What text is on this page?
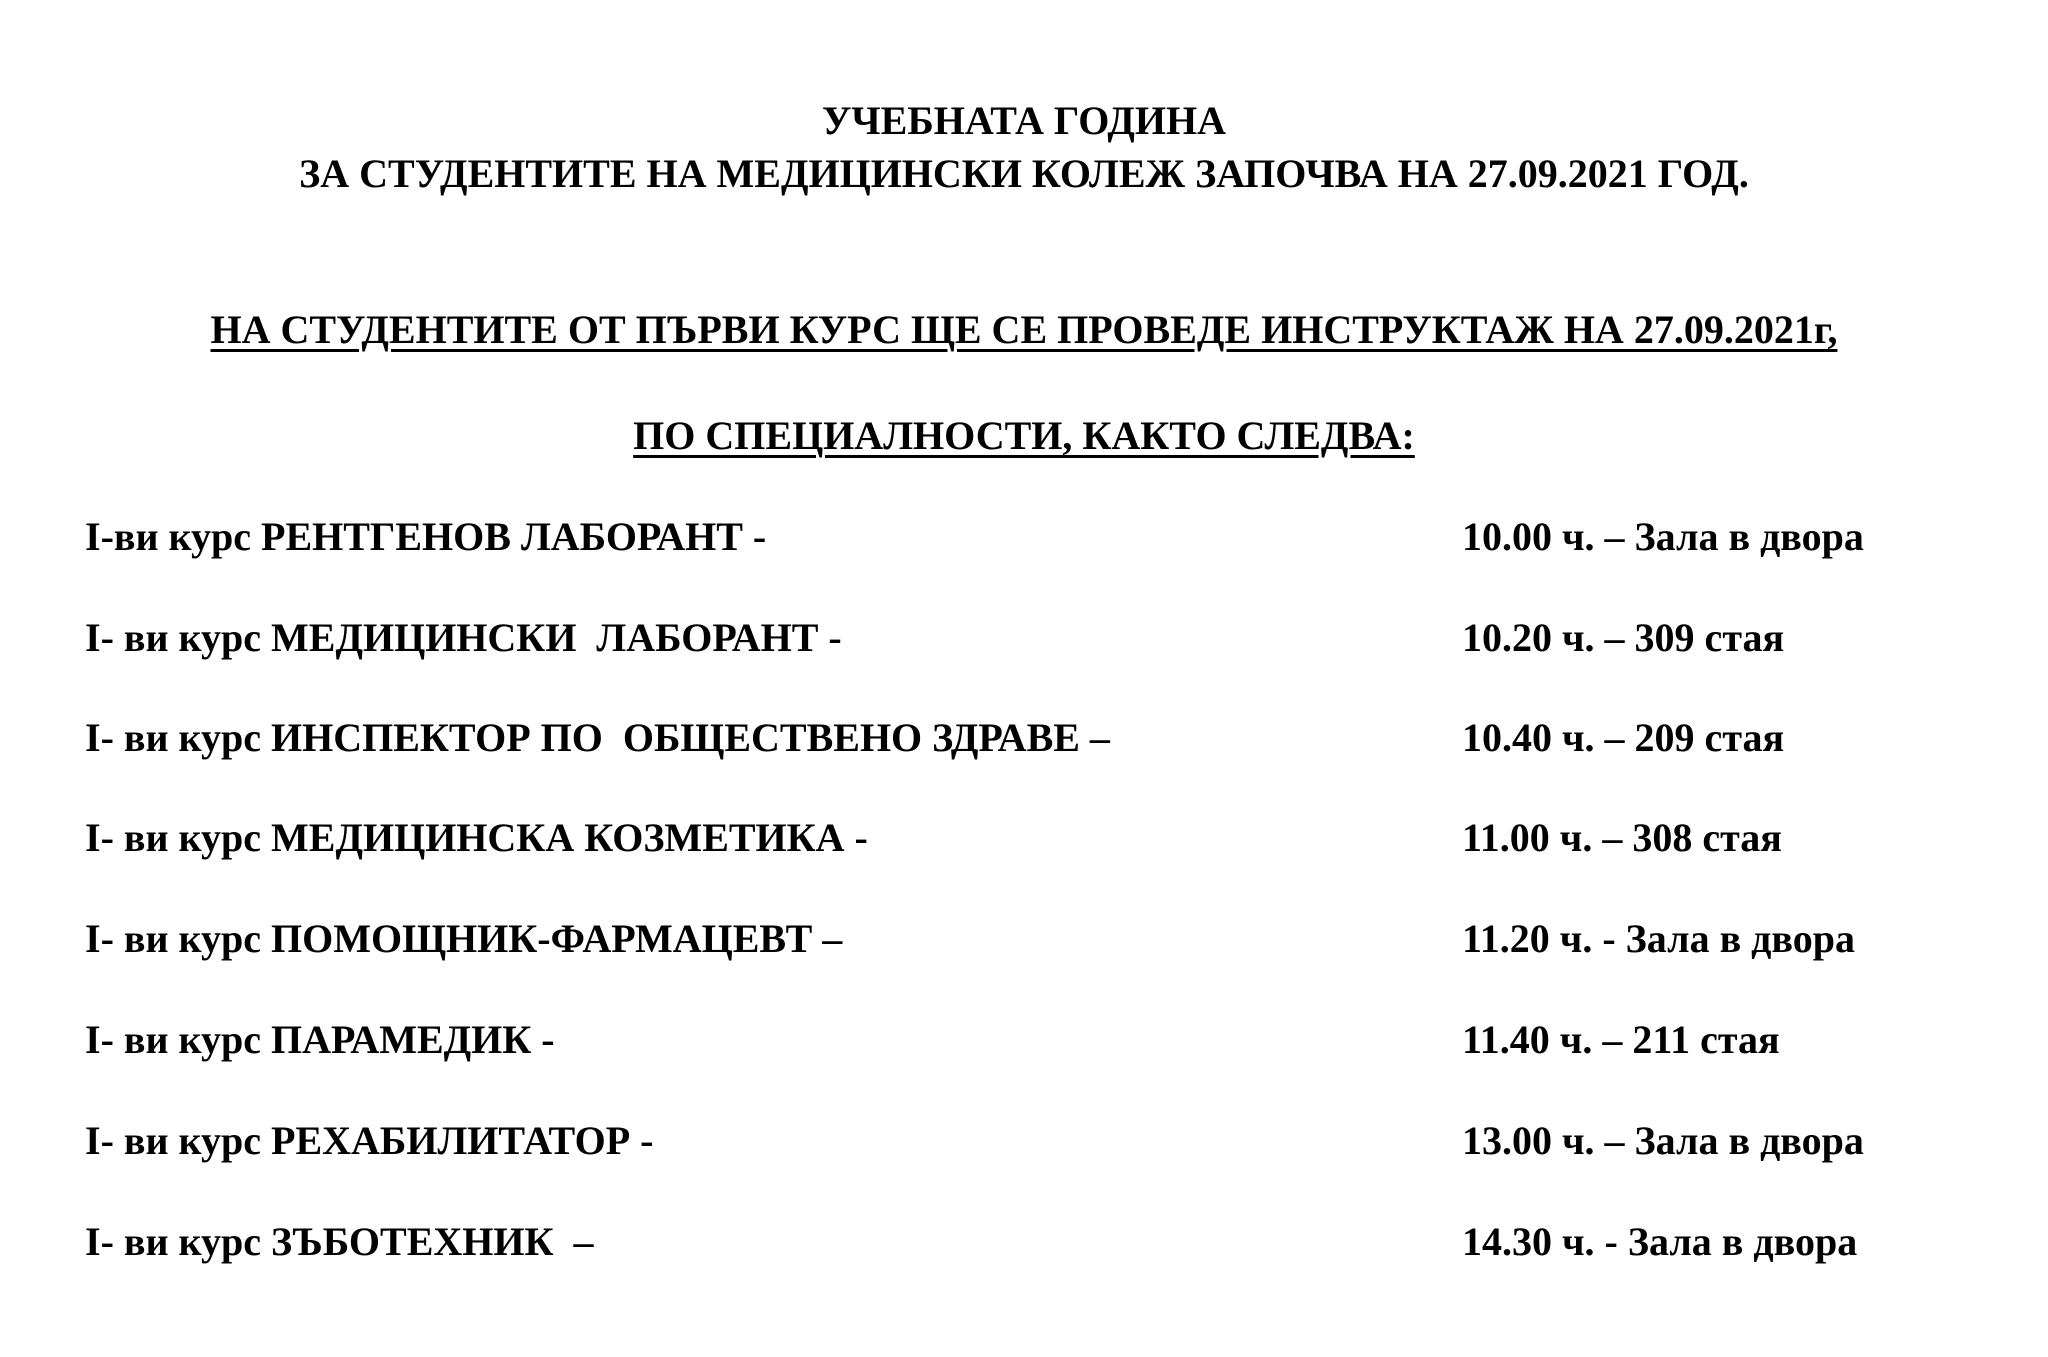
УЧЕБНАТА ГОДИНА
ЗА СТУДЕНТИТЕ НА МЕДИЦИНСКИ КОЛЕЖ ЗАПОЧВА НА 27.09.2021 ГОД.
НА СТУДЕНТИТЕ ОТ ПЪРВИ КУРС ЩЕ СЕ ПРОВЕДЕ ИНСТРУКТАЖ НА 27.09.2021г,
ПО СПЕЦИАЛНОСТИ, КАКТО СЛЕДВА:
I-ви курс РЕНТГЕНОВ ЛАБОРАНТ -	10.00 ч. – Зала в двора
I- ви курс МЕДИЦИНСКИ  ЛАБОРАНТ -	10.20 ч. – 309 стая
I- ви курс ИНСПЕКТОР ПО  ОБЩЕСТВЕНО ЗДРАВЕ –	10.40 ч. – 209 стая
I- ви курс МЕДИЦИНСКА КОЗМЕТИКА -	11.00 ч. – 308 стая
I- ви курс ПОМОЩНИК-ФАРМАЦЕВТ –	11.20 ч. - Зала в двора
I- ви курс ПАРАМЕДИК -	11.40 ч. – 211 стая
I- ви курс РЕХАБИЛИТАТОР -	13.00 ч. – Зала в двора
I- ви курс ЗЪБОТЕХНИК  –	14.30 ч. - Зала в двора
